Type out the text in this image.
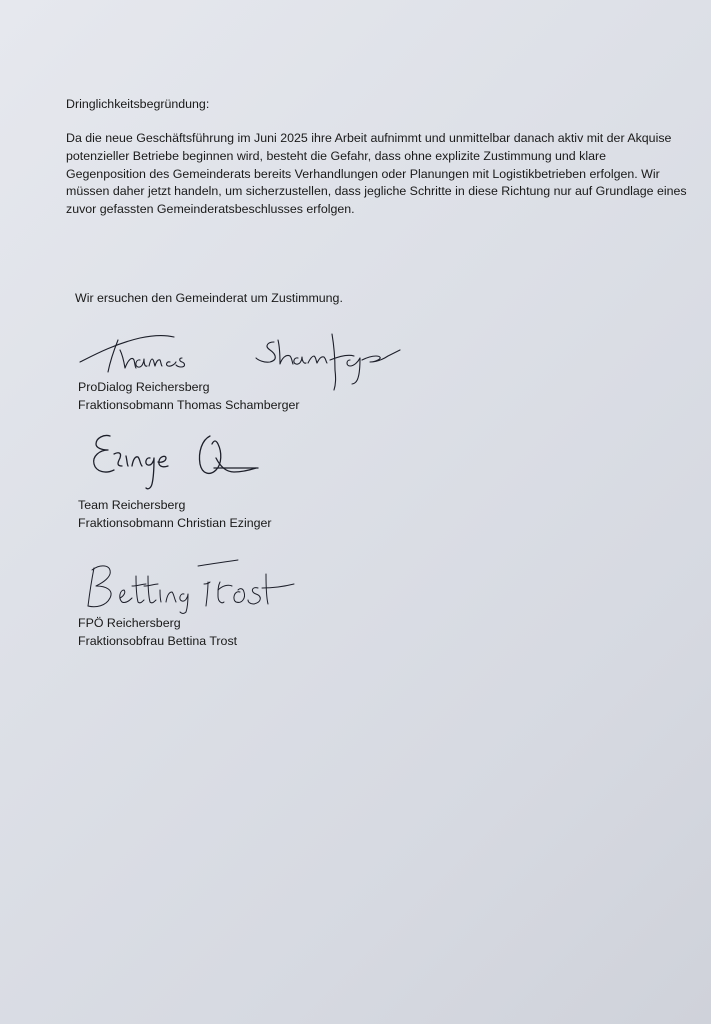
Dringlichkeitsbegründung:
Da die neue Geschäftsführung im Juni 2025 ihre Arbeit aufnimmt und unmittelbar danach aktiv mit der Akquise
potenzieller Betriebe beginnen wird, besteht die Gefahr, dass ohne explizite Zustimmung und klare
Gegenposition des Gemeinderats bereits Verhandlungen oder Planungen mit Logistikbetrieben erfolgen. Wir
müssen daher jetzt handeln, um sicherzustellen, dass jegliche Schritte in diese Richtung nur auf Grundlage eines
zuvor gefassten Gemeinderatsbeschlusses erfolgen.
Wir ersuchen den Gemeinderat um Zustimmung.
ProDialog Reichersberg
Fraktionsobmann Thomas Schamberger
Team Reichersberg
Fraktionsobmann Christian Ezinger
FPÖ Reichersberg
Fraktionsobfrau Bettina Trost
